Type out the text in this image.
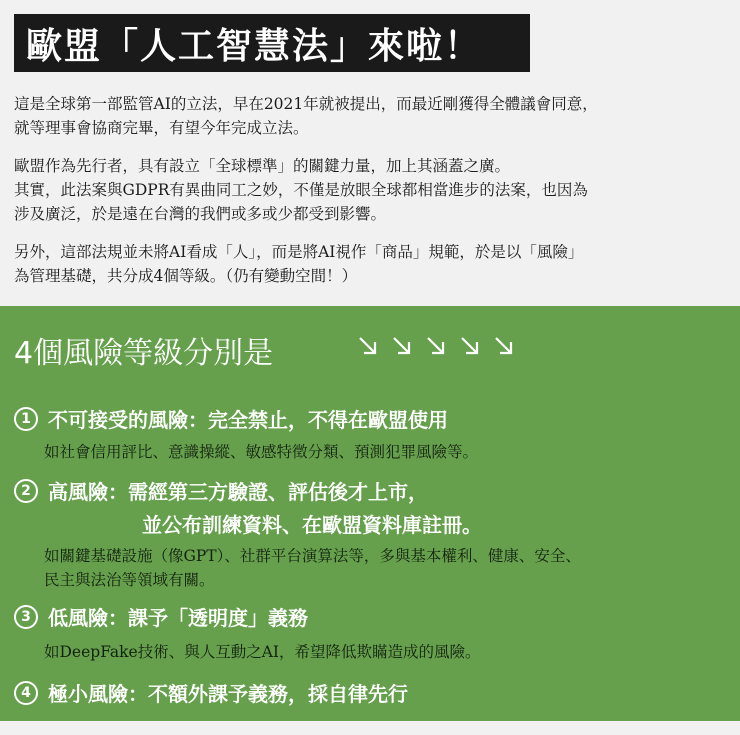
歐盟「人工智慧法」來啦！

這是全球第一部監管AI的立法，早在2021年就被提出，而最近剛獲得全體議會同意，
就等理事會協商完畢，有望今年完成立法。

歐盟作為先行者，具有設立「全球標準」的關鍵力量，加上其涵蓋之廣。
其實，此法案與GDPR有異曲同工之妙，不僅是放眼全球都相當進步的法案，也因為
涉及廣泛，於是遠在台灣的我們或多或少都受到影響。

另外，這部法規並未將AI看成「人」，而是將AI視作「商品」規範，於是以「風險」
為管理基礎，共分成4個等級。（仍有變動空間！）

4個風險等級分別是
1 不可接受的風險：完全禁止，不得在歐盟使用
如社會信用評比、意識操縱、敏感特徵分類、預測犯罪風險等。
2 高風險：需經第三方驗證、評估後才上市，
並公布訓練資料、在歐盟資料庫註冊。
如關鍵基礎設施（像GPT）、社群平台演算法等，多與基本權利、健康、安全、
民主與法治等領域有關。
3 低風險：課予「透明度」義務
如DeepFake技術、與人互動之AI，希望降低欺瞞造成的風險。
4 極小風險：不額外課予義務，採自律先行
